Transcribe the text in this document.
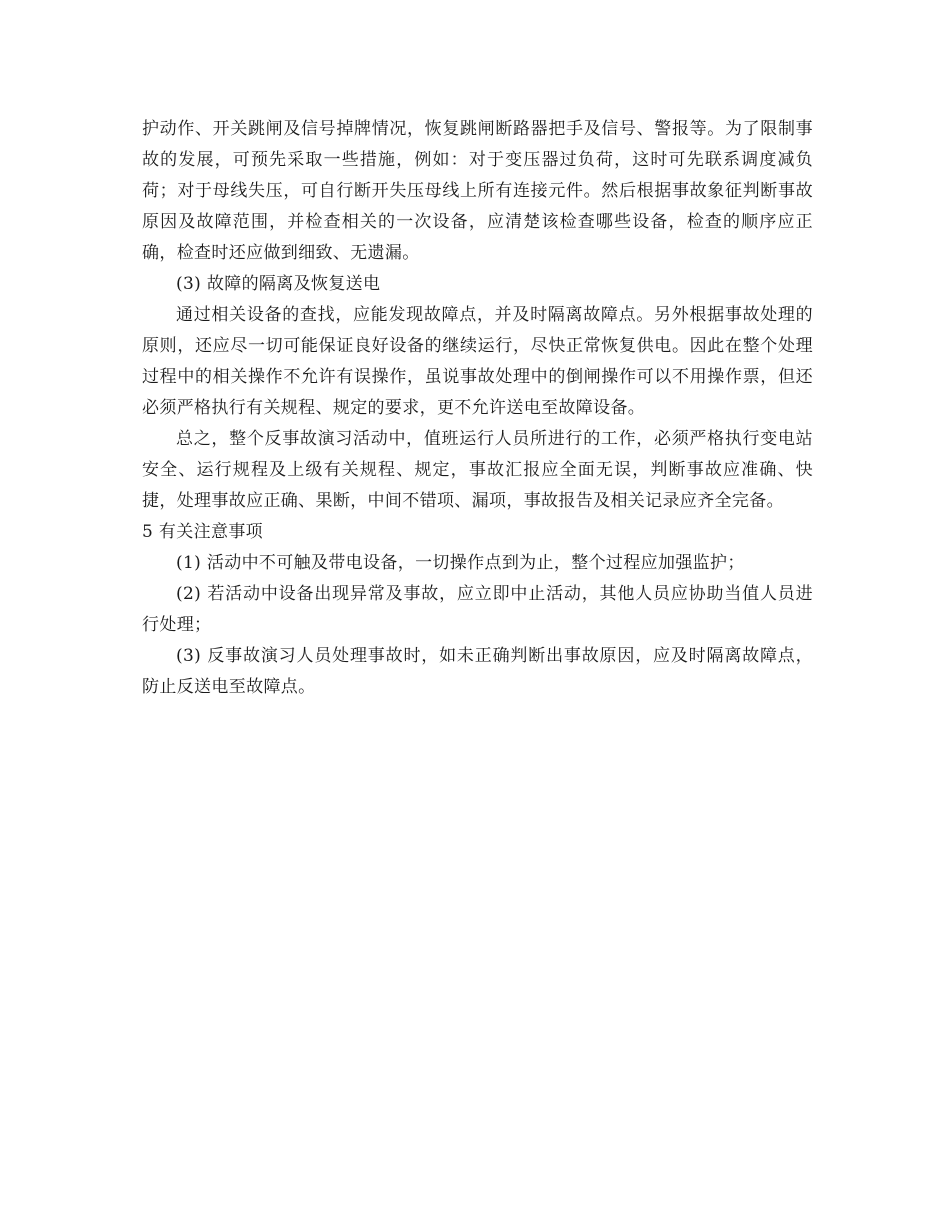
护动作、开关跳闸及信号掉牌情况，恢复跳闸断路器把手及信号、警报等。为了限制事故的发展，可预先采取一些措施，例如：对于变压器过负荷，这时可先联系调度减负荷；对于母线失压，可自行断开失压母线上所有连接元件。然后根据事故象征判断事故原因及故障范围，并检查相关的一次设备，应清楚该检查哪些设备，检查的顺序应正确，检查时还应做到细致、无遗漏。

(3) 故障的隔离及恢复送电

通过相关设备的查找，应能发现故障点，并及时隔离故障点。另外根据事故处理的原则，还应尽一切可能保证良好设备的继续运行，尽快正常恢复供电。因此在整个处理过程中的相关操作不允许有误操作，虽说事故处理中的倒闸操作可以不用操作票，但还必须严格执行有关规程、规定的要求，更不允许送电至故障设备。

总之，整个反事故演习活动中，值班运行人员所进行的工作，必须严格执行变电站安全、运行规程及上级有关规程、规定，事故汇报应全面无误，判断事故应准确、快捷，处理事故应正确、果断，中间不错项、漏项，事故报告及相关记录应齐全完备。

5 有关注意事项

(1) 活动中不可触及带电设备，一切操作点到为止，整个过程应加强监护；

(2) 若活动中设备出现异常及事故，应立即中止活动，其他人员应协助当值人员进行处理；

(3) 反事故演习人员处理事故时，如未正确判断出事故原因，应及时隔离故障点，防止反送电至故障点。
